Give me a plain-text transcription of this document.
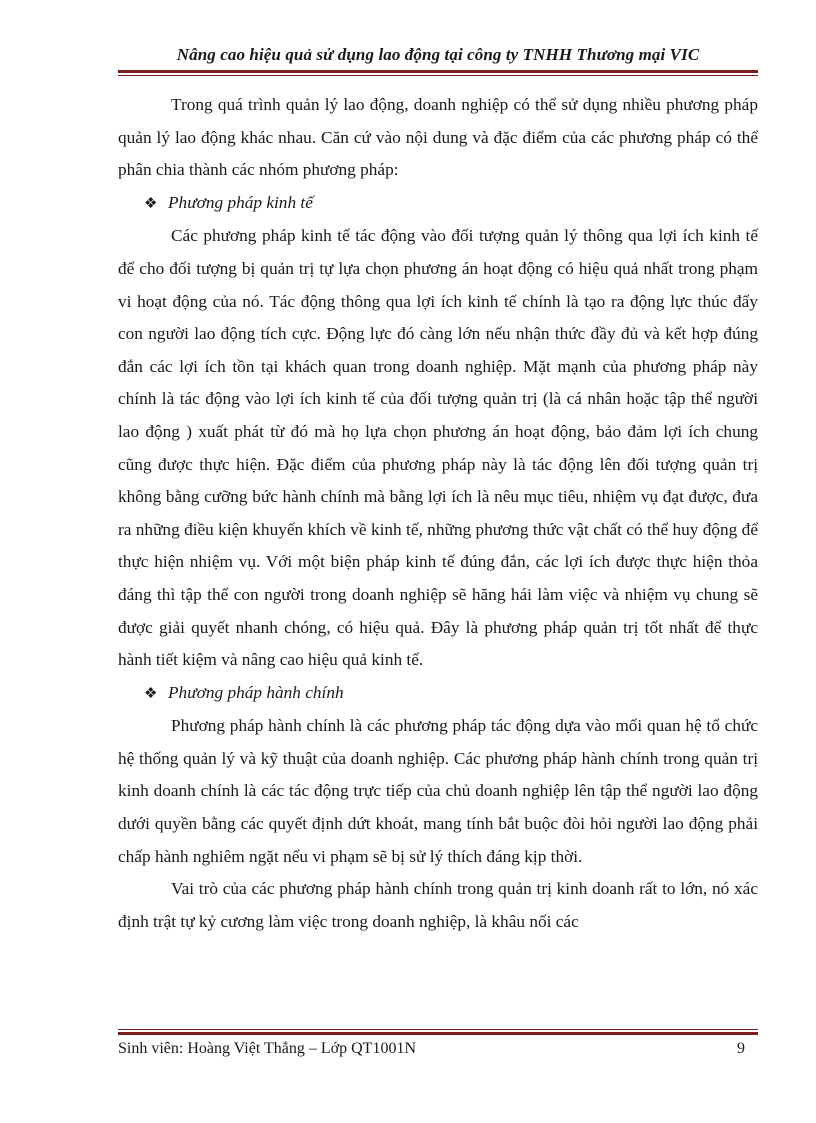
Nâng cao hiệu quả sử dụng lao động tại công ty TNHH Thương mại VIC

Trong quá trình quản lý lao động, doanh nghiệp có thể sử dụng nhiều phương pháp quản lý lao động khác nhau. Căn cứ vào nội dung và đặc điểm của các phương pháp có thể phân chia thành các nhóm phương pháp:

❖ Phương pháp kinh tế

Các phương pháp kinh tế tác động vào đối tượng quản lý thông qua lợi ích kinh tế để cho đối tượng bị quản trị tự lựa chọn phương án hoạt động có hiệu quả nhất trong phạm vi hoạt động của nó. Tác động thông qua lợi ích kinh tế chính là tạo ra động lực thúc đẩy con người lao động tích cực. Động lực đó càng lớn nếu nhận thức đầy đủ và kết hợp đúng đắn các lợi ích tồn tại khách quan trong doanh nghiệp. Mặt mạnh của phương pháp này chính là tác động vào lợi ích kinh tế của đối tượng quản trị (là cá nhân hoặc tập thể người lao động ) xuất phát từ đó mà họ lựa chọn phương án hoạt động, bảo đảm lợi ích chung cũng được thực hiện. Đặc điểm của phương pháp này là tác động lên đối tượng quản trị không bằng cưỡng bức hành chính mà bằng lợi ích là nêu mục tiêu, nhiệm vụ đạt được, đưa ra những điều kiện khuyến khích về kinh tế, những phương thức vật chất có thể huy động để thực hiện nhiệm vụ. Với một biện pháp kinh tế đúng đắn, các lợi ích được thực hiện thỏa đáng thì tập thể con người trong doanh nghiệp sẽ hăng hái làm việc và nhiệm vụ chung sẽ được giải quyết nhanh chóng, có hiệu quả. Đây là phương pháp quản trị tốt nhất để thực hành tiết kiệm và nâng cao hiệu quả kinh tế.

❖ Phương pháp hành chính

Phương pháp hành chính là các phương pháp tác động dựa vào mối quan hệ tổ chức hệ thống quản lý và kỹ thuật của doanh nghiệp. Các phương pháp hành chính trong quản trị kinh doanh chính là các tác động trực tiếp của chủ doanh nghiệp lên tập thể người lao động dưới quyền bằng các quyết định dứt khoát, mang tính bắt buộc đòi hỏi người lao động phải chấp hành nghiêm ngặt nếu vi phạm sẽ bị sử lý thích đáng kịp thời.

Vai trò của các phương pháp hành chính trong quản trị kinh doanh rất to lớn, nó xác định trật tự kỷ cương làm việc trong doanh nghiệp, là khâu nối các

Sinh viên: Hoàng Việt Thắng – Lớp QT1001N	9
